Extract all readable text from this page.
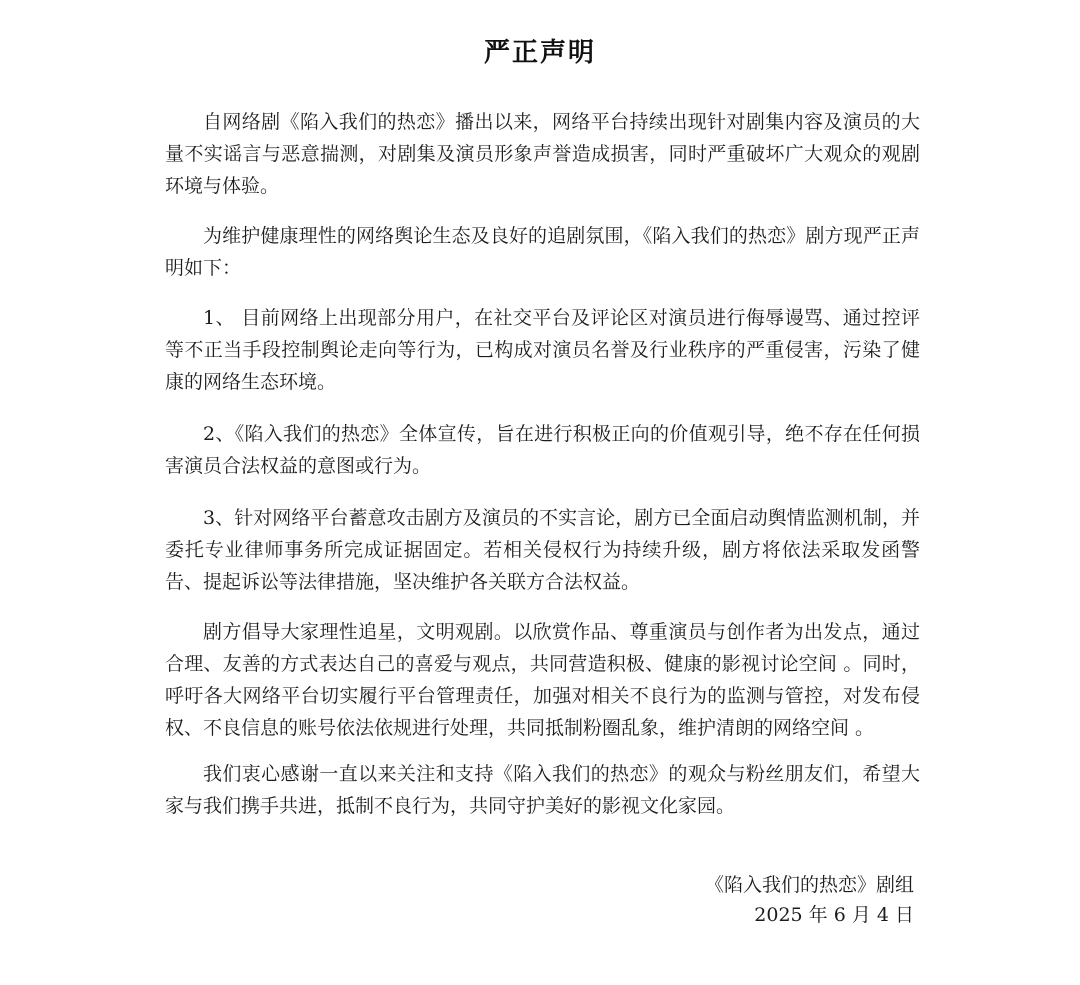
严正声明

自网络剧《陷入我们的热恋》播出以来，网络平台持续出现针对剧集内容及演员的大量不实谣言与恶意揣测，对剧集及演员形象声誉造成损害，同时严重破坏广大观众的观剧环境与体验。

为维护健康理性的网络舆论生态及良好的追剧氛围，《陷入我们的热恋》剧方现严正声明如下：

1、 目前网络上出现部分用户，在社交平台及评论区对演员进行侮辱谩骂、通过控评等不正当手段控制舆论走向等行为，已构成对演员名誉及行业秩序的严重侵害，污染了健康的网络生态环境。

2、《陷入我们的热恋》全体宣传，旨在进行积极正向的价值观引导，绝不存在任何损害演员合法权益的意图或行为。

3、针对网络平台蓄意攻击剧方及演员的不实言论，剧方已全面启动舆情监测机制，并委托专业律师事务所完成证据固定。若相关侵权行为持续升级，剧方将依法采取发函警告、提起诉讼等法律措施，坚决维护各关联方合法权益。

剧方倡导大家理性追星，文明观剧。以欣赏作品、尊重演员与创作者为出发点，通过合理、友善的方式表达自己的喜爱与观点，共同营造积极、健康的影视讨论空间 。同时，呼吁各大网络平台切实履行平台管理责任，加强对相关不良行为的监测与管控，对发布侵权、不良信息的账号依法依规进行处理，共同抵制粉圈乱象，维护清朗的网络空间 。

我们衷心感谢一直以来关注和支持《陷入我们的热恋》的观众与粉丝朋友们，希望大家与我们携手共进，抵制不良行为，共同守护美好的影视文化家园。

《陷入我们的热恋》剧组
2025 年 6 月 4 日
